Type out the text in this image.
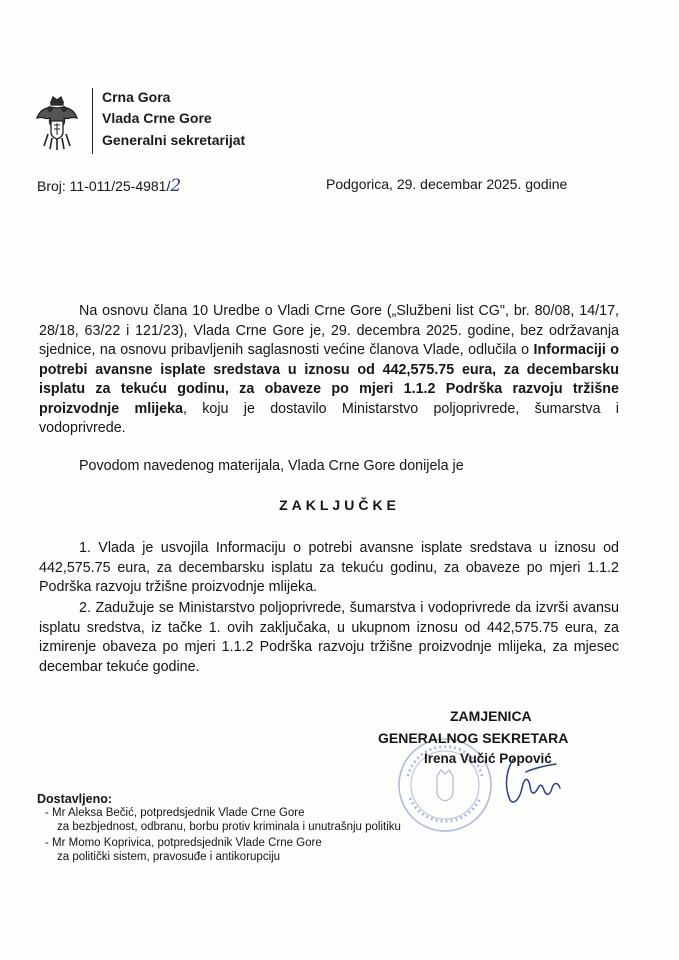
Crna Gora
Vlada Crne Gore
Generalni sekretarijat
Broj: 11-011/25-4981/2	Podgorica, 29. decembar 2025. godine
Na osnovu člana 10 Uredbe o Vladi Crne Gore („Službeni list CG", br. 80/08, 14/17, 28/18, 63/22 i 121/23), Vlada Crne Gore je, 29. decembra 2025. godine, bez održavanja sjednice, na osnovu pribavljenih saglasnosti većine članova Vlade, odlučila o Informaciji o potrebi avansne isplate sredstava u iznosu od 442,575.75 eura, za decembarsku isplatu za tekuću godinu, za obaveze po mjeri 1.1.2 Podrška razvoju tržišne proizvodnje mlijeka, koju je dostavilo Ministarstvo poljoprivrede, šumarstva i vodoprivrede.
Povodom navedenog materijala, Vlada Crne Gore donijela je
ZAKLJUČKE
1. Vlada je usvojila Informaciju o potrebi avansne isplate sredstava u iznosu od 442,575.75 eura, za decembarsku isplatu za tekuću godinu, za obaveze po mjeri 1.1.2 Podrška razvoju tržišne proizvodnje mlijeka.
2. Zadužuje se Ministarstvo poljoprivrede, šumarstva i vodoprivrede da izvrši avansu isplatu sredstva, iz tačke 1. ovih zaključaka, u ukupnom iznosu od 442,575.75 eura, za izmirenje obaveza po mjeri 1.1.2 Podrška razvoju tržišne proizvodnje mlijeka, za mjesec decembar tekuće godine.
ZAMJENICA
GENERALNOG SEKRETARA
Irena Vučić Popović
Dostavljeno:
- Mr Aleksa Bečić, potpredsjednik Vlade Crne Gore
za bezbjednost, odbranu, borbu protiv kriminala i unutrašnju politiku
- Mr Momo Koprivica, potpredsjednik Vlade Crne Gore
za politički sistem, pravosuđe i antikorupciju
